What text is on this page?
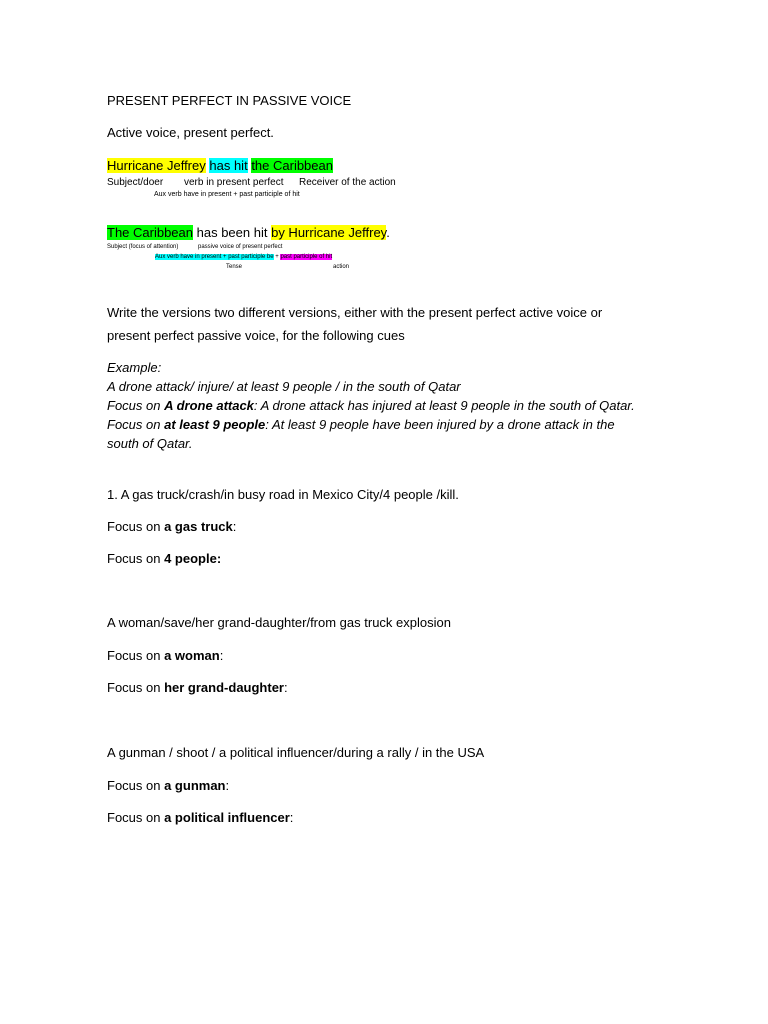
PRESENT PERFECT IN PASSIVE VOICE
Active voice, present perfect.
Hurricane Jeffrey has hit the Caribbean
Subject/doer verb in present perfect Receiver of the action
Aux verb have in present + past participle of hit
The Caribbean has been hit by Hurricane Jeffrey.
Subject (focus of attention)	passive voice of present perfect
Aux verb have in present + past participle be + past participle of hit
Tense	action
Write the versions two different versions, either with the present perfect active voice or
present perfect passive voice, for the following cues
Example:
A drone attack/ injure/ at least 9 people / in the south of Qatar
Focus on A drone attack: A drone attack has injured at least 9 people in the south of Qatar.
Focus on at least 9 people: At least 9 people have been injured by a drone attack in the
south of Qatar.
1. A gas truck/crash/in busy road in Mexico City/4 people /kill.
Focus on a gas truck:
Focus on 4 people:
A woman/save/her grand-daughter/from gas truck explosion
Focus on a woman:
Focus on her grand-daughter:
A gunman / shoot / a political influencer/during a rally / in the USA
Focus on a gunman:
Focus on a political influencer:
